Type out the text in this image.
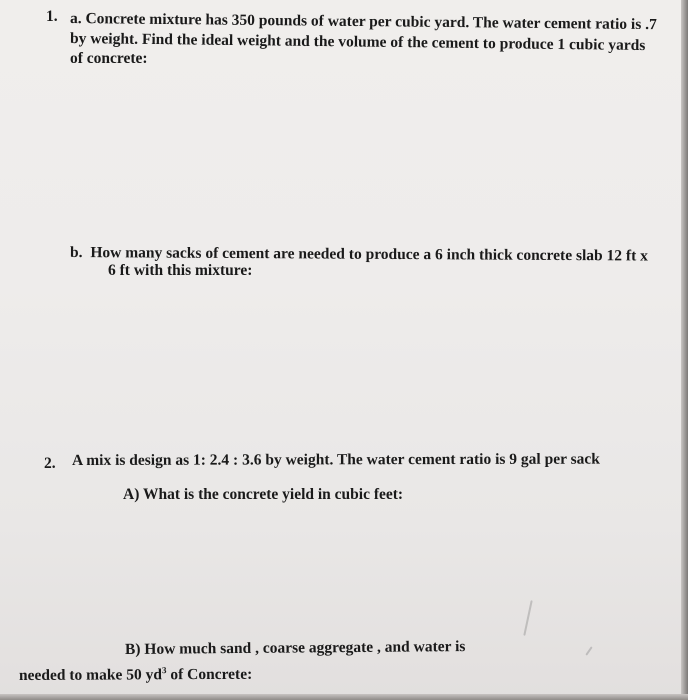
1. a. Concrete mixture has 350 pounds of water per cubic yard. The water cement ratio is .7
by weight. Find the ideal weight and the volume of the cement to produce 1 cubic yards
of concrete:
b. How many sacks of cement are needed to produce a 6 inch thick concrete slab 12 ft x
6 ft with this mixture:
2. A mix is design as 1: 2.4 : 3.6 by weight. The water cement ratio is 9 gal per sack
A) What is the concrete yield in cubic feet:
B) How much sand , coarse aggregate , and water is
needed to make 50 $yd^3$ of Concrete:
